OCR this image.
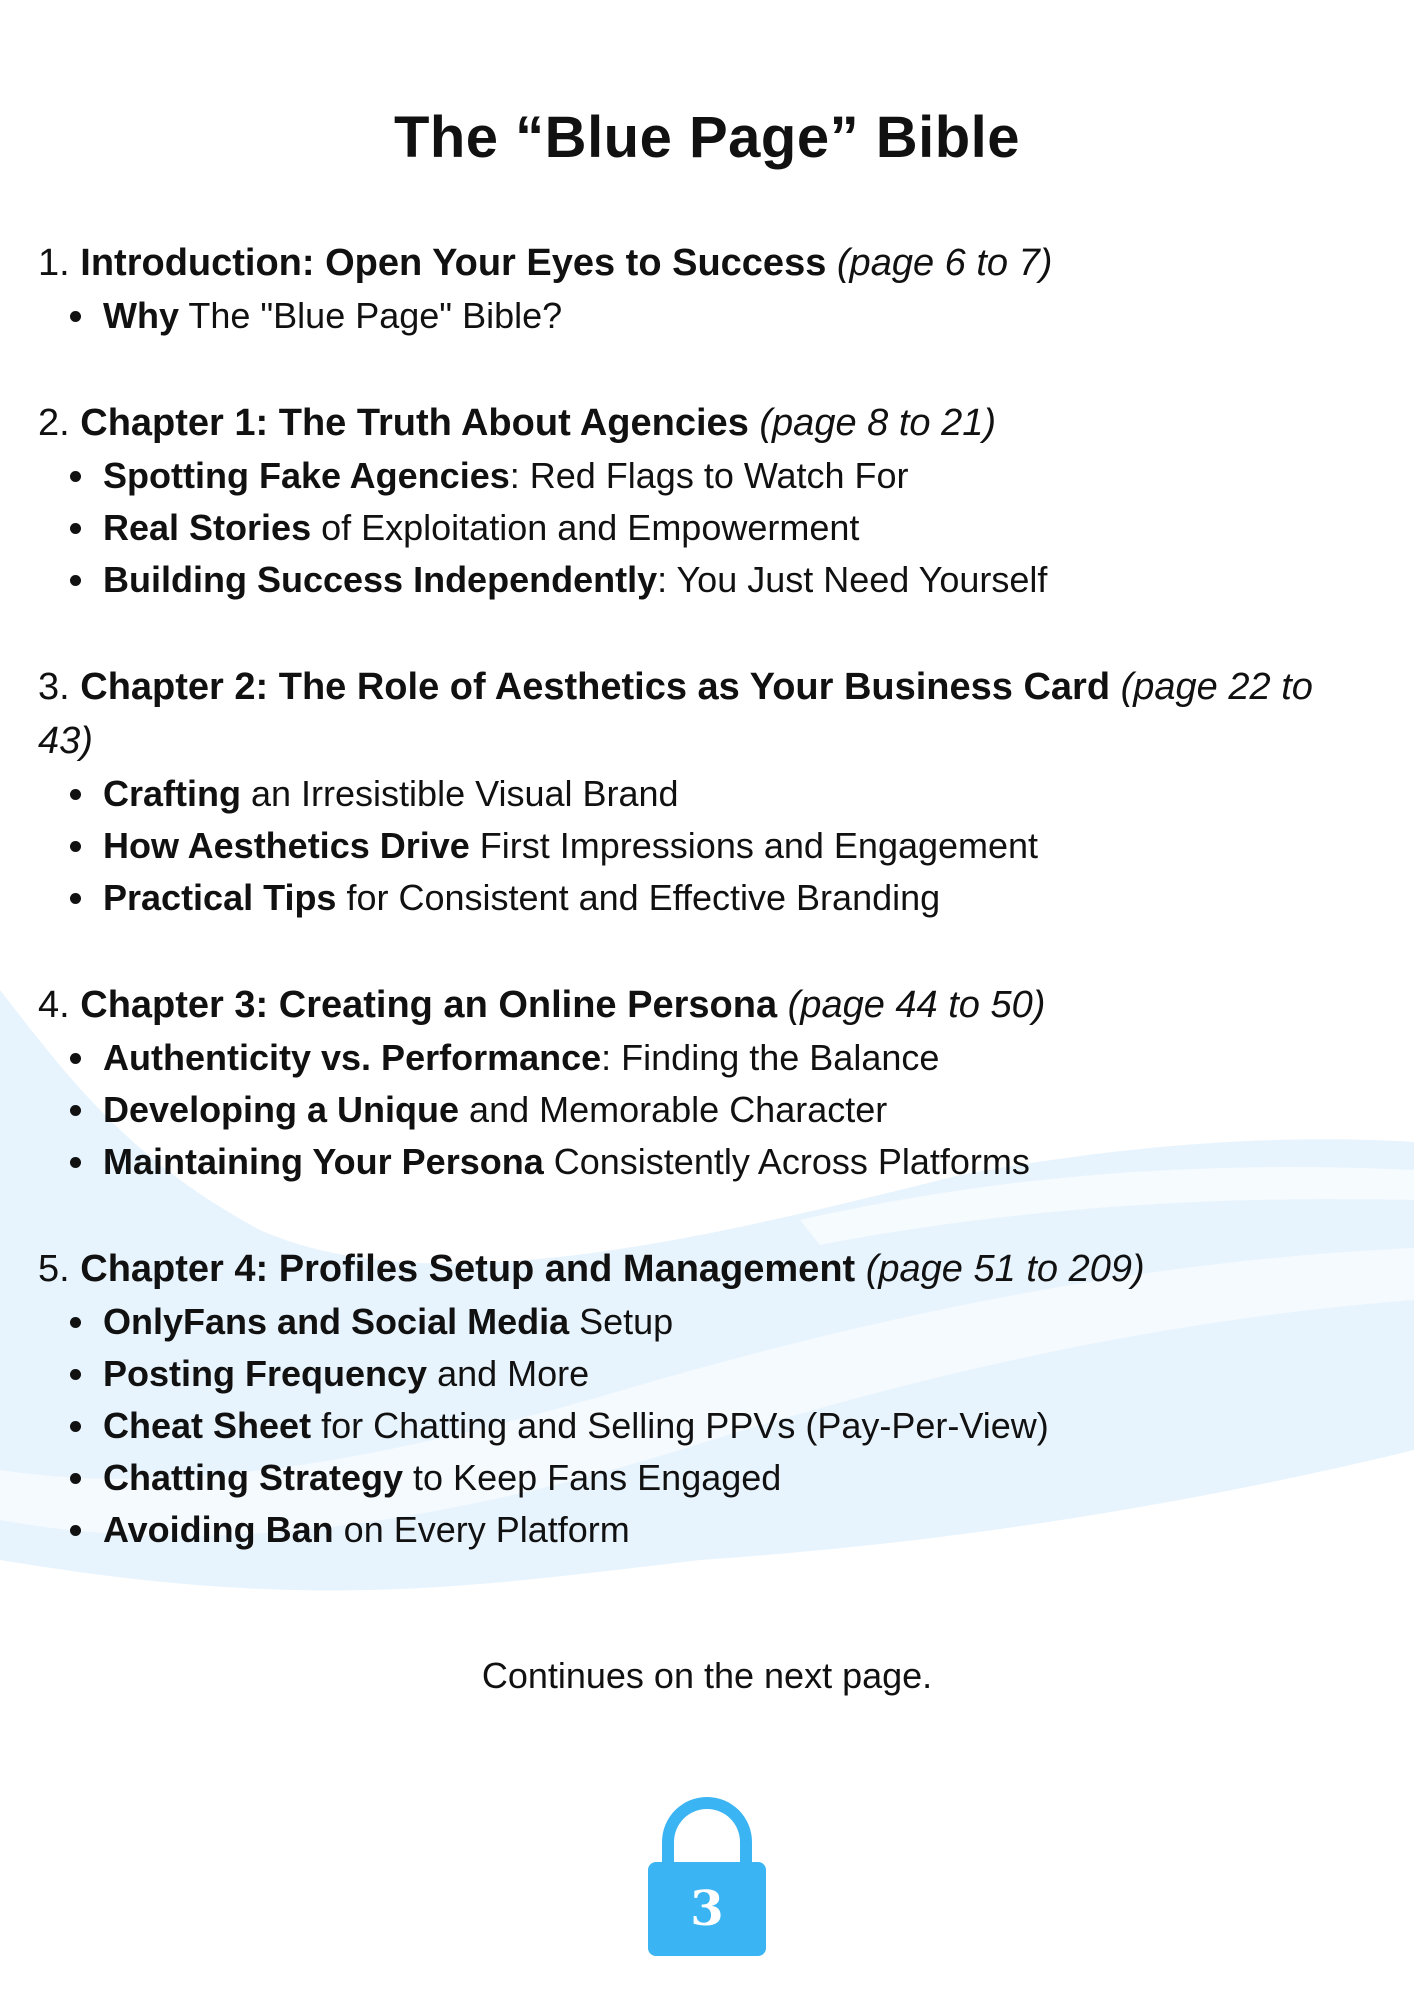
The “Blue Page” Bible

1. Introduction: Open Your Eyes to Success (page 6 to 7)

Why The "Blue Page" Bible?

2. Chapter 1: The Truth About Agencies (page 8 to 21)

Spotting Fake Agencies: Red Flags to Watch For
Real Stories of Exploitation and Empowerment
Building Success Independently: You Just Need Yourself

3. Chapter 2: The Role of Aesthetics as Your Business Card (page 22 to 43)

Crafting an Irresistible Visual Brand
How Aesthetics Drive First Impressions and Engagement
Practical Tips for Consistent and Effective Branding

4. Chapter 3: Creating an Online Persona (page 44 to 50)

Authenticity vs. Performance: Finding the Balance
Developing a Unique and Memorable Character
Maintaining Your Persona Consistently Across Platforms

5. Chapter 4: Profiles Setup and Management (page 51 to 209)

OnlyFans and Social Media Setup
Posting Frequency and More
Cheat Sheet for Chatting and Selling PPVs (Pay-Per-View)
Chatting Strategy to Keep Fans Engaged
Avoiding Ban on Every Platform

Continues on the next page.

3
